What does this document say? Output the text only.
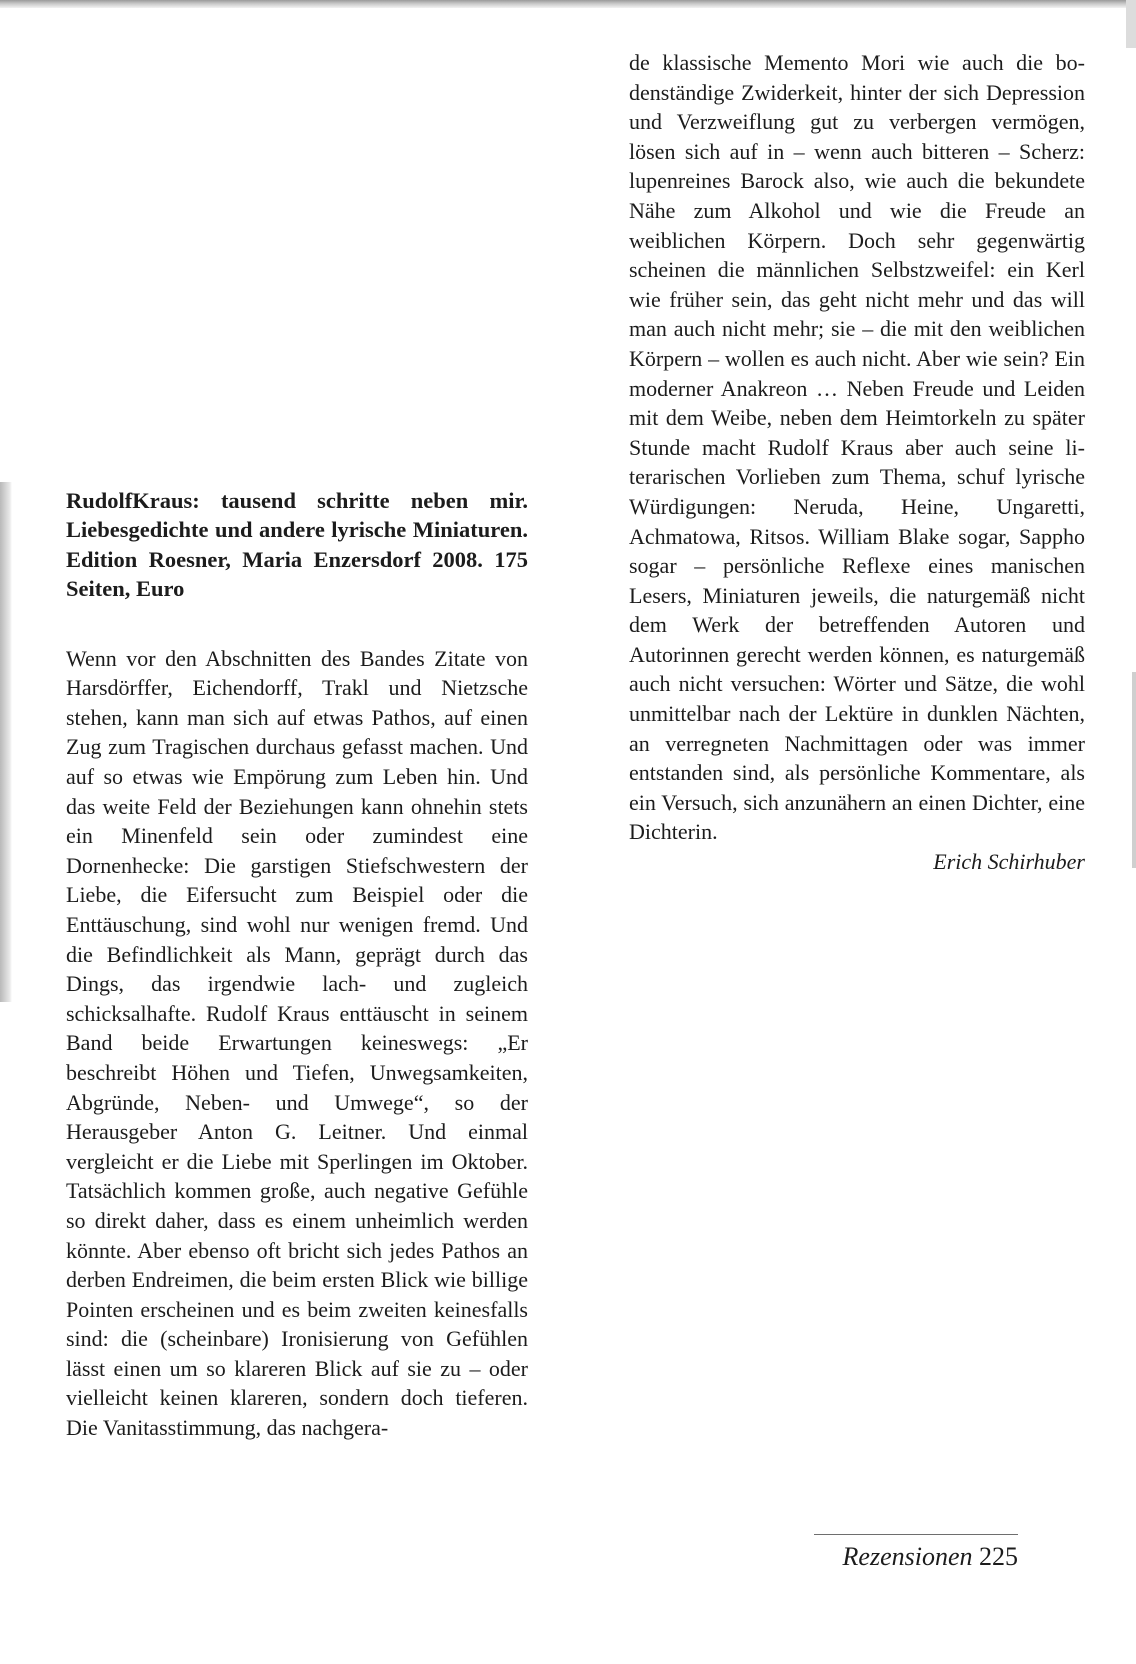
RudolfKraus: tausend schritte neben mir. Liebesgedichte und andere lyrische Miniaturen. Edition Roesner, Maria Enzersdorf 2008. 175 Seiten, Euro

Wenn vor den Abschnitten des Bandes Zitate von Harsdörffer, Eichendorff, Trakl und Nietzsche stehen, kann man sich auf etwas Pathos, auf einen Zug zum Tragischen durchaus gefasst machen. Und auf so etwas wie Empörung zum Leben hin. Und das weite Feld der Beziehungen kann ohnehin stets ein Minenfeld sein oder zumindest eine Dornenhecke: Die garstigen Stiefschwestern der Liebe, die Eifersucht zum Beispiel oder die Enttäuschung, sind wohl nur wenigen fremd. Und die Befindlichkeit als Mann, geprägt durch das Dings, das irgendwie lach- und zugleich schicksalhafte. Rudolf Kraus enttäuscht in seinem Band beide Erwartungen keineswegs: „Er beschreibt Höhen und Tiefen, Unwegsamkeiten, Abgründe, Neben- und Umwege“, so der Herausgeber Anton G. Leitner. Und einmal vergleicht er die Liebe mit Sperlingen im Oktober. Tatsächlich kommen große, auch negative Gefühle so direkt daher, dass es einem unheimlich werden könnte. Aber ebenso oft bricht sich jedes Pathos an derben Endreimen, die beim ersten Blick wie billige Pointen erscheinen und es beim zweiten keinesfalls sind: die (scheinbare) Ironisierung von Gefühlen lässt einen um so klareren Blick auf sie zu – oder vielleicht keinen klareren, sondern doch tieferen. Die Vanitasstimmung, das nachgera-

de klassische Memento Mori wie auch die bodenständige Zwiderkeit, hinter der sich Depression und Verzweiflung gut zu verbergen vermögen, lösen sich auf in – wenn auch bitteren – Scherz: lupenreines Barock also, wie auch die bekundete Nähe zum Alkohol und wie die Freude an weiblichen Körpern. Doch sehr gegenwärtig scheinen die männlichen Selbstzweifel: ein Kerl wie früher sein, das geht nicht mehr und das will man auch nicht mehr; sie – die mit den weiblichen Körpern – wollen es auch nicht. Aber wie sein? Ein moderner Anakreon … Neben Freude und Leiden mit dem Weibe, neben dem Heimtorkeln zu später Stunde macht Rudolf Kraus aber auch seine literarischen Vorlieben zum Thema, schuf lyrische Würdigungen: Neruda, Heine, Ungaretti, Achmatowa, Ritsos. William Blake sogar, Sappho sogar – persönliche Reflexe eines manischen Lesers, Miniaturen jeweils, die naturgemäß nicht dem Werk der betreffenden Autoren und Autorinnen gerecht werden können, es naturgemäß auch nicht versuchen: Wörter und Sätze, die wohl unmittelbar nach der Lektüre in dunklen Nächten, an verregneten Nachmittagen oder was immer entstanden sind, als persönliche Kommentare, als ein Versuch, sich anzunähern an einen Dichter, eine Dichterin.

Erich Schirhuber

Rezensionen 225
